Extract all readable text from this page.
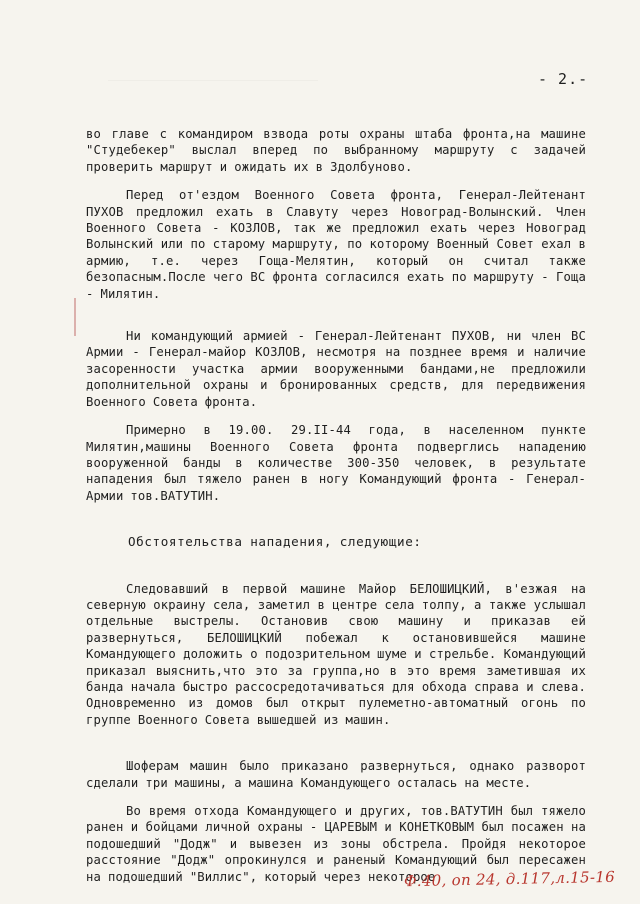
- 2.-

во главе с командиром взвода роты охраны штаба фронта,на машине "Студебекер" выслал вперед по выбранному маршруту с задачей проверить маршрут и ожидать их в Здолбуново.

Перед от'ездом Военного Совета фронта, Генерал-Лейтенант ПУХОВ предложил ехать в Славуту через Новоград-Волынский. Член Военного Совета - КОЗЛОВ, так же предложил ехать через Новоград Волынский или по старому маршруту, по которому Военный Совет ехал в армию, т.е. через Гоща-Мелятин, который он считал также безопасным.После чего ВС фронта согласился ехать по маршруту - Гоща - Милятин.

Ни командующий армией - Генерал-Лейтенант ПУХОВ, ни член ВС Армии - Генерал-майор КОЗЛОВ, несмотря на позднее время и наличие засоренности участка армии вооруженными бандами,не предложили дополнительной охраны и бронированных средств, для передвижения Военного Совета фронта.

Примерно в 19.00. 29.II-44 года, в населенном пункте Милятин,машины Военного Совета фронта подверглись нападению вооруженной банды в количестве 300-350 человек, в результате нападения был тяжело ранен в ногу Командующий фронта - Генерал-Армии тов.ВАТУТИН.

Обстоятельства нападения, следующие:

Следовавший в первой машине Майор БЕЛОШИЦКИЙ, в'езжая на северную окраину села, заметил в центре села толпу, а также услышал отдельные выстрелы. Остановив свою машину и приказав ей развернуться, БЕЛОШИЦКИЙ побежал к остановившейся машине Командующего доложить о подозрительном шуме и стрельбе. Командующий приказал выяснить,что это за группа,но в это время заметившая их банда начала быстро рассосредотачиваться для обхода справа и слева. Одновременно из домов был открыт пулеметно-автоматный огонь по группе Военного Совета вышедшей из машин.

Шоферам машин было приказано развернуться, однако разворот сделали три машины, а машина Командующего осталась на месте.

Во время отхода Командующего и других, тов.ВАТУТИН был тяжело ранен и бойцами личной охраны - ЦАРЕВЫМ и КОНЕТКОВЫМ был посажен на подошедший "Додж" и вывезен из зоны обстрела. Пройдя некоторое расстояние "Додж" опрокинулся и раненый Командующий был пересажен на подошедший "Виллис", который через некоторое

Ф.40, оп 24, д.117,л.15-16
